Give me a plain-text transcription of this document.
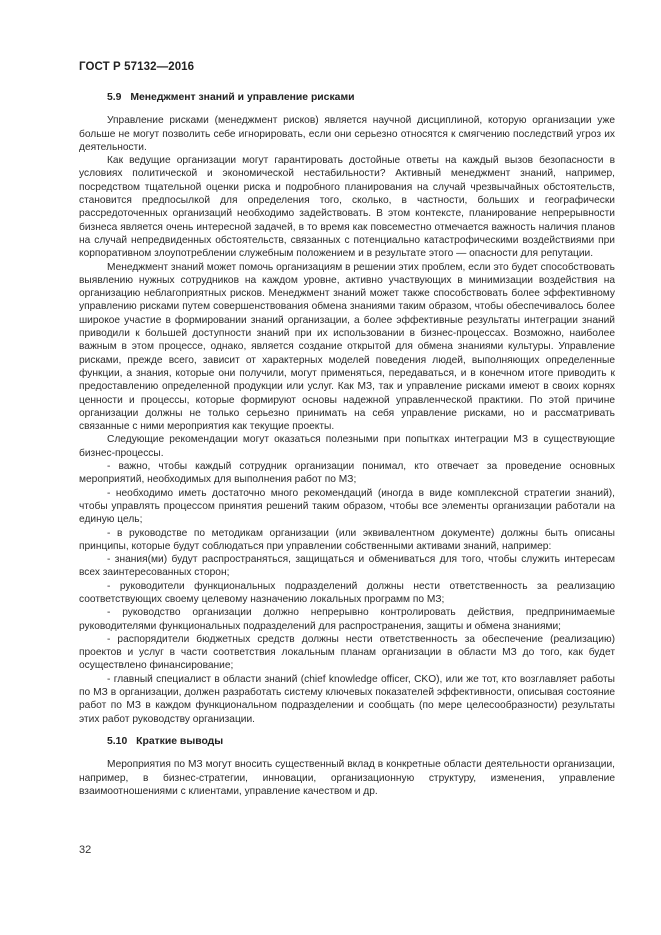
ГОСТ Р 57132—2016
5.9 Менеджмент знаний и управление рисками

Управление рисками (менеджмент рисков) является научной дисциплиной, которую организации уже больше не могут позволить себе игнорировать, если они серьезно относятся к смягчению последствий угроз их деятельности.

Как ведущие организации могут гарантировать достойные ответы на каждый вызов безопасности в условиях политической и экономической нестабильности? Активный менеджмент знаний, например, посредством тщательной оценки риска и подробного планирования на случай чрезвычайных обстоятельств, становится предпосылкой для определения того, сколько, в частности, больших и географически рассредоточенных организаций необходимо задействовать. В этом контексте, планирование непрерывности бизнеса является очень интересной задачей, в то время как повсеместно отмечается важность наличия планов на случай непредвиденных обстоятельств, связанных с потенциально катастрофическими воздействиями при корпоративном злоупотреблении служебным положением и в результате этого — опасности для репутации.

Менеджмент знаний может помочь организациям в решении этих проблем, если это будет способствовать выявлению нужных сотрудников на каждом уровне, активно участвующих в минимизации воздействия на организацию неблагоприятных рисков. Менеджмент знаний может также способствовать более эффективному управлению рисками путем совершенствования обмена знаниями таким образом, чтобы обеспечивалось более широкое участие в формировании знаний организации, а более эффективные результаты интеграции знаний приводили к большей доступности знаний при их использовании в бизнес-процессах. Возможно, наиболее важным в этом процессе, однако, является создание открытой для обмена знаниями культуры. Управление рисками, прежде всего, зависит от характерных моделей поведения людей, выполняющих определенные функции, а знания, которые они получили, могут применяться, передаваться, и в конечном итоге приводить к предоставлению определенной продукции или услуг. Как МЗ, так и управление рисками имеют в своих корнях ценности и процессы, которые формируют основы надежной управленческой практики. По этой причине организации должны не только серьезно принимать на себя управление рисками, но и рассматривать связанные с ними мероприятия как текущие проекты.

Следующие рекомендации могут оказаться полезными при попытках интеграции МЗ в существующие бизнес-процессы.

- важно, чтобы каждый сотрудник организации понимал, кто отвечает за проведение основных мероприятий, необходимых для выполнения работ по МЗ;

- необходимо иметь достаточно много рекомендаций (иногда в виде комплексной стратегии знаний), чтобы управлять процессом принятия решений таким образом, чтобы все элементы организации работали на единую цель;

- в руководстве по методикам организации (или эквивалентном документе) должны быть описаны принципы, которые будут соблюдаться при управлении собственными активами знаний, например:

- знания(ми) будут распространяться, защищаться и обмениваться для того, чтобы служить интересам всех заинтересованных сторон;

- руководители функциональных подразделений должны нести ответственность за реализацию соответствующих своему целевому назначению локальных программ по МЗ;

- руководство организации должно непрерывно контролировать действия, предпринимаемые руководителями функциональных подразделений для распространения, защиты и обмена знаниями;

- распорядители бюджетных средств должны нести ответственность за обеспечение (реализацию) проектов и услуг в части соответствия локальным планам организации в области МЗ до того, как будет осуществлено финансирование;

- главный специалист в области знаний (chief knowledge officer, CKO), или же тот, кто возглавляет работы по МЗ в организации, должен разработать систему ключевых показателей эффективности, описывая состояние работ по МЗ в каждом функциональном подразделении и сообщать (по мере целесообразности) результаты этих работ руководству организации.

5.10 Краткие выводы

Мероприятия по МЗ могут вносить существенный вклад в конкретные области деятельности организации, например, в бизнес-стратегии, инновации, организационную структуру, изменения, управление взаимоотношениями с клиентами, управление качеством и др.

32
